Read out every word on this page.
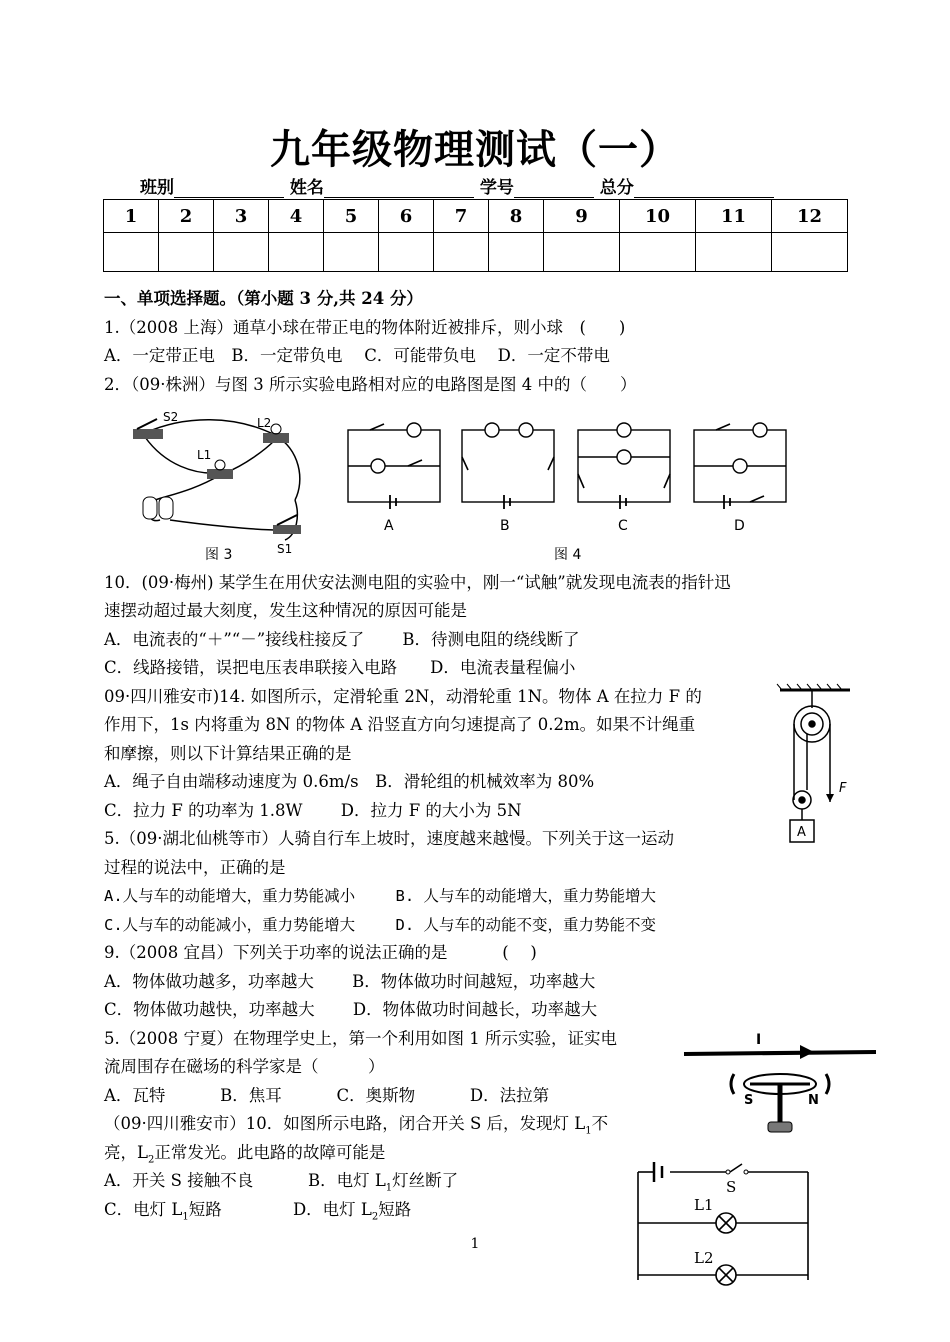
九年级物理测试（一）
班别	姓名	学号	总分
1	2	3	4	5	6	7	8	9	10	11	12

一、单项选择题。（第小题 3 分,共 24 分）
1.（2008 上海）通草小球在带正电的物体附近被排斥，则小球　(　　)
A．一定带正电　B．一定带负电　 C．可能带负电　 D．一定不带电
2．（09·株洲）与图 3 所示实验电路相对应的电路图是图 4 中的（　　）
S2	L2
L1
S1
图 3
A	B	C	D
图 4
10．(09·梅州) 某学生在用伏安法测电阻的实验中，刚一“试触”就发现电流表的指针迅
速摆动超过最大刻度，发生这种情况的原因可能是
A．电流表的“＋”“－”接线柱接反了　　 B．待测电阻的绕线断了
C．线路接错，误把电压表串联接入电路　　D．电流表量程偏小
09·四川雅安市)14. 如图所示，定滑轮重 2N，动滑轮重 1N。物体 A 在拉力 F 的
作用下，1s 内将重为 8N 的物体 A 沿竖直方向匀速提高了 0.2m。如果不计绳重
和摩擦，则以下计算结果正确的是
A．绳子自由端移动速度为 0.6m/s　B．滑轮组的机械效率为 80%
C．拉力 F 的功率为 1.8W　　 D．拉力 F 的大小为 5N
F
A
5.（09·湖北仙桃等市）人骑自行车上坡时，速度越来越慢。下列关于这一运动
过程的说法中，正确的是
A.人与车的动能增大，重力势能减小　　 B. 人与车的动能增大，重力势能增大
C.人与车的动能减小，重力势能增大　　 D. 人与车的动能不变，重力势能不变
9.（2008 宜昌）下列关于功率的说法正确的是　　　 (　 )
A．物体做功越多，功率越大　　 B．物体做功时间越短，功率越大
C．物体做功越快，功率越大　　 D．物体做功时间越长，功率越大
5.（2008 宁夏）在物理学史上，第一个利用如图 1 所示实验，证实电
流周围存在磁场的科学家是（　　　）
A．瓦特　　　 B．焦耳　　　 C．奥斯物　　　 D．法拉第
I
S	N
（09·四川雅安市）10．如图所示电路，闭合开关 S 后，发现灯 $L_1$不
亮，$L_2$正常发光。此电路的故障可能是
A．开关 S 接触不良　　　 B．电灯 $L_1$灯丝断了
C．电灯 $L_1$短路　　　　 D．电灯 $L_2$短路
S
L1
L2
1
